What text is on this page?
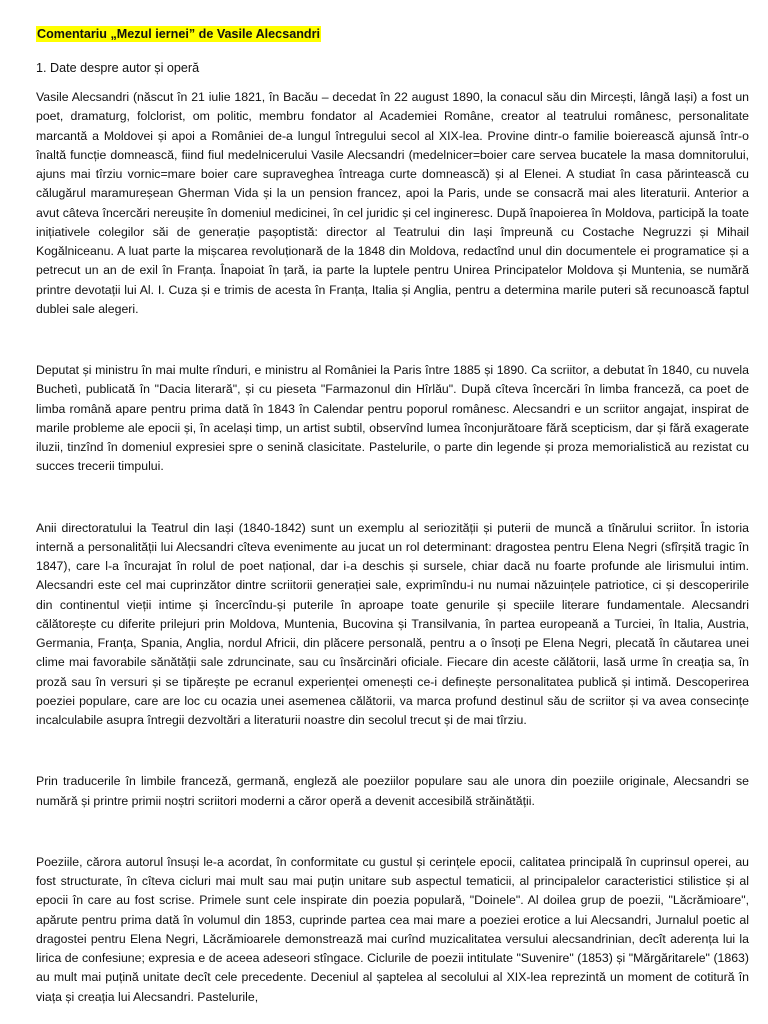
Comentariu „Mezul iernei” de Vasile Alecsandri

1. Date despre autor și operă

Vasile Alecsandri (născut în 21 iulie 1821, în Bacău – decedat în 22 august 1890, la conacul său din Mircești, lângă Iași) a fost un poet, dramaturg, folclorist, om politic, membru fondator al Academiei Române, creator al teatrului românesc, personalitate marcantă a Moldovei și apoi a României de-a lungul întregului secol al XIX-lea. Provine dintr-o familie boierească ajunsă într-o înaltă funcție domnească, fiind fiul medelnicerului Vasile Alecsandri (medelnicer=boier care servea bucatele la masa domnitorului, ajuns mai tîrziu vornic=mare boier care supraveghea întreaga curte domnească) și al Elenei. A studiat în casa părintească cu călugărul maramureșean Gherman Vida și la un pension francez, apoi la Paris, unde se consacră mai ales literaturii. Anterior a avut câteva încercări nereușite în domeniul medicinei, în cel juridic și cel ingineresc. După înapoierea în Moldova, participă la toate inițiativele colegilor săi de generație pașoptistă: director al Teatrului din Iași împreună cu Costache Negruzzi și Mihail Kogălniceanu. A luat parte la mișcarea revoluționară de la 1848 din Moldova, redactînd unul din documentele ei programatice și a petrecut un an de exil în Franța. Înapoiat în țară, ia parte la luptele pentru Unirea Principatelor Moldova și Muntenia, se numără printre devotații lui Al. I. Cuza și e trimis de acesta în Franța, Italia și Anglia, pentru a determina marile puteri să recunoască faptul dublei sale alegeri.

Deputat și ministru în mai multe rînduri, e ministru al României la Paris între 1885 și 1890. Ca scriitor, a debutat în 1840, cu nuvela Buchetì, publicată în "Dacia literară", și cu pieseta "Farmazonul din Hîrlău". După cîteva încercări în limba franceză, ca poet de limba română apare pentru prima dată în 1843 în Calendar pentru poporul românesc. Alecsandri e un scriitor angajat, inspirat de marile probleme ale epocii și, în același timp, un artist subtil, observînd lumea înconjurătoare fără scepticism, dar și fără exagerate iluzii, tinzînd în domeniul expresiei spre o senină clasicitate. Pastelurile, o parte din legende și proza memorialistică au rezistat cu succes trecerii timpului.

Anii directoratului la Teatrul din Iași (1840-1842) sunt un exemplu al seriozității și puterii de muncă a tînărului scriitor. În istoria internă a personalității lui Alecsandri cîteva evenimente au jucat un rol determinant: dragostea pentru Elena Negri (sfîrșită tragic în 1847), care l-a încurajat în rolul de poet național, dar i-a deschis și sursele, chiar dacă nu foarte profunde ale lirismului intim. Alecsandri este cel mai cuprinzător dintre scriitorii generației sale, exprimîndu-i nu numai năzuințele patriotice, ci și descoperirile din continentul vieții intime și încercîndu-și puterile în aproape toate genurile și speciile literare fundamentale. Alecsandri călătorește cu diferite prilejuri prin Moldova, Muntenia, Bucovina și Transilvania, în partea europeană a Turciei, în Italia, Austria, Germania, Franța, Spania, Anglia, nordul Africii, din plăcere personală, pentru a o însoți pe Elena Negri, plecată în căutarea unei clime mai favorabile sănătății sale zdruncinate, sau cu însărcinări oficiale. Fiecare din aceste călătorii, lasă urme în creația sa, în proză sau în versuri și se tipărește pe ecranul experienței omenești ce-i definește personalitatea publică și intimă. Descoperirea poeziei populare, care are loc cu ocazia unei asemenea călătorii, va marca profund destinul său de scriitor și va avea consecințe incalculabile asupra întregii dezvoltări a literaturii noastre din secolul trecut și de mai tîrziu.

Prin traducerile în limbile franceză, germană, engleză ale poeziilor populare sau ale unora din poeziile originale, Alecsandri se numără și printre primii noștri scriitori moderni a căror operă a devenit accesibilă străinătății.

Poeziile, cărora autorul însuși le-a acordat, în conformitate cu gustul și cerințele epocii, calitatea principală în cuprinsul operei, au fost structurate, în cîteva cicluri mai mult sau mai puțin unitare sub aspectul tematicii, al principalelor caracteristici stilistice și al epocii în care au fost scrise. Primele sunt cele inspirate din poezia populară, "Doinele". Al doilea grup de poezii, "Lăcrămioare", apărute pentru prima dată în volumul din 1853, cuprinde partea cea mai mare a poeziei erotice a lui Alecsandri, Jurnalul poetic al dragostei pentru Elena Negri, Lăcrămioarele demonstrează mai curînd muzicalitatea versului alecsandrinian, decît aderența lui la lirica de confesiune; expresia e de aceea adeseori stîngace. Ciclurile de poezii intitulate "Suvenire" (1853) și "Mărgăritarele" (1863) au mult mai puțină unitate decît cele precedente. Deceniul al șaptelea al secolului al XIX-lea reprezintă un moment de cotitură în viața și creația lui Alecsandri. Pastelurile,
